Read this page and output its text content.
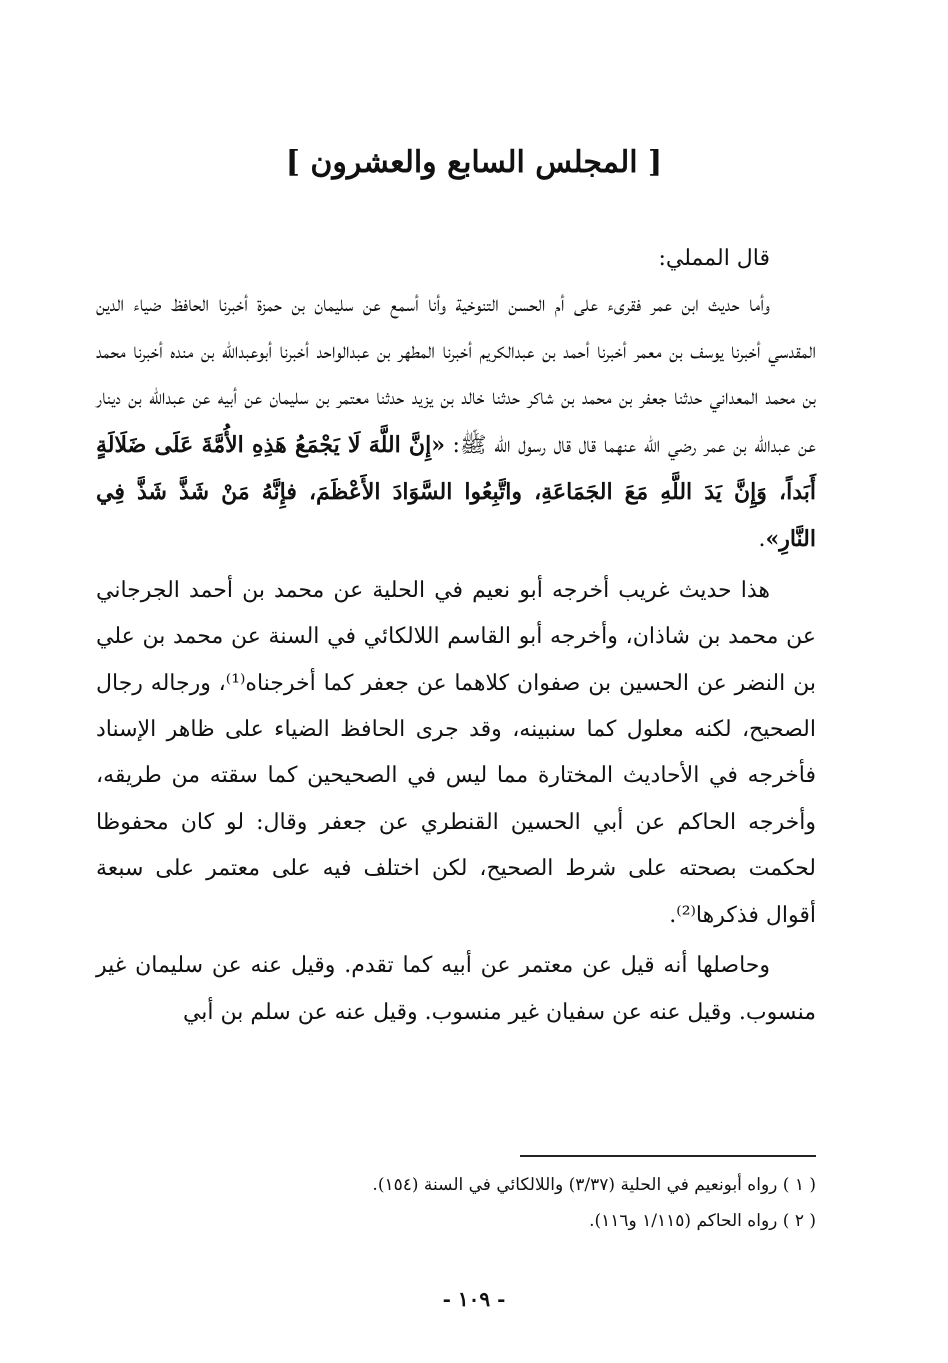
[ المجلس السابع والعشرون ]

قال المملي:

وأما حديث ابن عمر فقرىء على أم الحسن التنوخية وأنا أسمع عن سليمان بن حمزة أخبرنا الحافظ ضياء الدين المقدسي أخبرنا يوسف بن معمر أخبرنا أحمد بن عبدالكريم أخبرنا المطهر بن عبدالواحد أخبرنا أبوعبدالله بن منده أخبرنا محمد بن محمد المعداني حدثنا جعفر بن محمد بن شاكر حدثنا خالد بن يزيد حدثنا معتمر بن سليمان عن أبيه عن عبدالله بن دينار عن عبدالله بن عمر رضي الله عنهما قال قال رسول الله ﷺ: «إِنَّ اللَّهَ لَا يَجْمَعُ هَذِهِ الأُمَّةَ عَلَى ضَلَالَةٍ أَبَداً، وَإِنَّ يَدَ اللَّهِ مَعَ الجَمَاعَةِ، واتَّبِعُوا السَّوَادَ الأَعْظَمَ، فإِنَّهُ مَنْ شَذَّ شَذَّ فِي النَّارِ».

هذا حديث غريب أخرجه أبو نعيم في الحلية عن محمد بن أحمد الجرجاني عن محمد بن شاذان، وأخرجه أبو القاسم اللالكائي في السنة عن محمد بن علي بن النضر عن الحسين بن صفوان كلاهما عن جعفر كما أخرجناه⁽¹⁾، ورجاله رجال الصحيح، لكنه معلول كما سنبينه، وقد جرى الحافظ الضياء على ظاهر الإسناد فأخرجه في الأحاديث المختارة مما ليس في الصحيحين كما سقته من طريقه، وأخرجه الحاكم عن أبي الحسين القنطري عن جعفر وقال: لو كان محفوظا لحكمت بصحته على شرط الصحيح، لكن اختلف فيه على معتمر على سبعة أقوال فذكرها⁽²⁾.

وحاصلها أنه قيل عن معتمر عن أبيه كما تقدم. وقيل عنه عن سليمان غير منسوب. وقيل عنه عن سفيان غير منسوب. وقيل عنه عن سلم بن أبي

( ١ ) رواه أبونعيم في الحلية (٣/٣٧) واللالكائي في السنة (١٥٤).

( ٢ ) رواه الحاكم (١/١١٥ و١١٦).

- ١٠٩ -
